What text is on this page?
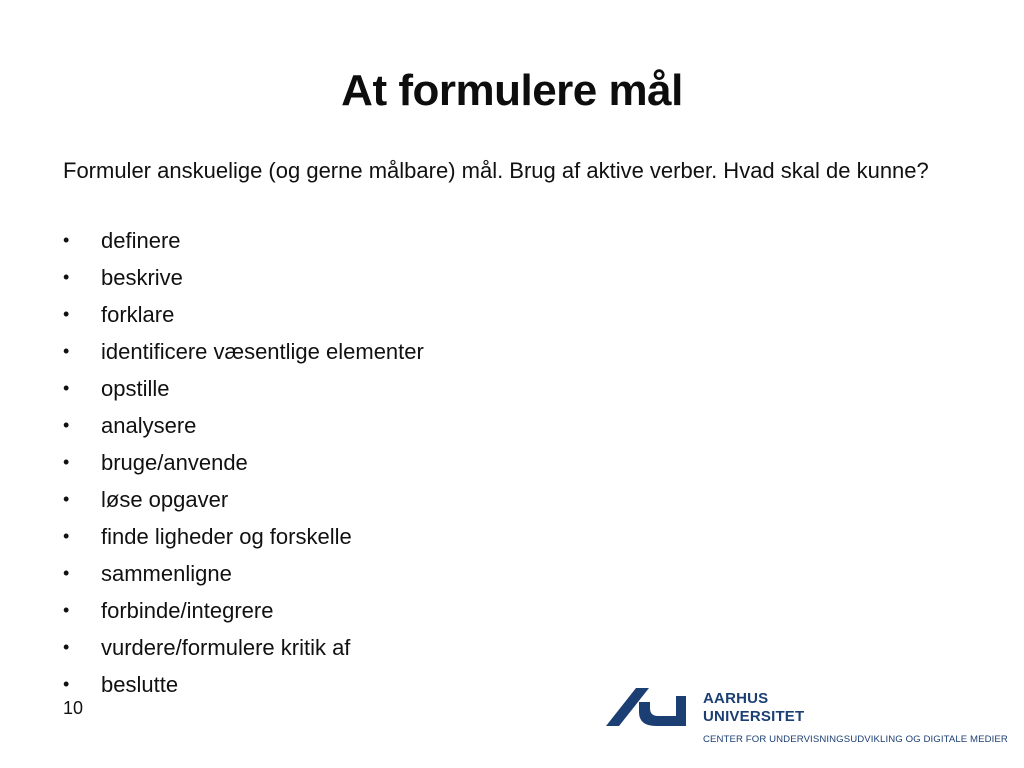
At formulere mål

Formuler anskuelige (og gerne målbare) mål. Brug af aktive verber. Hvad skal de kunne?

•	definere
•	beskrive
•	forklare
•	identificere væsentlige elementer
•	opstille
•	analysere
•	bruge/anvende
•	løse opgaver
•	finde ligheder og forskelle
•	sammenligne
•	forbinde/integrere
•	vurdere/formulere kritik af
•	beslutte
10	AARHUS
UNIVERSITET
CENTER FOR UNDERVISNINGSUDVIKLING OG DIGITALE MEDIER
